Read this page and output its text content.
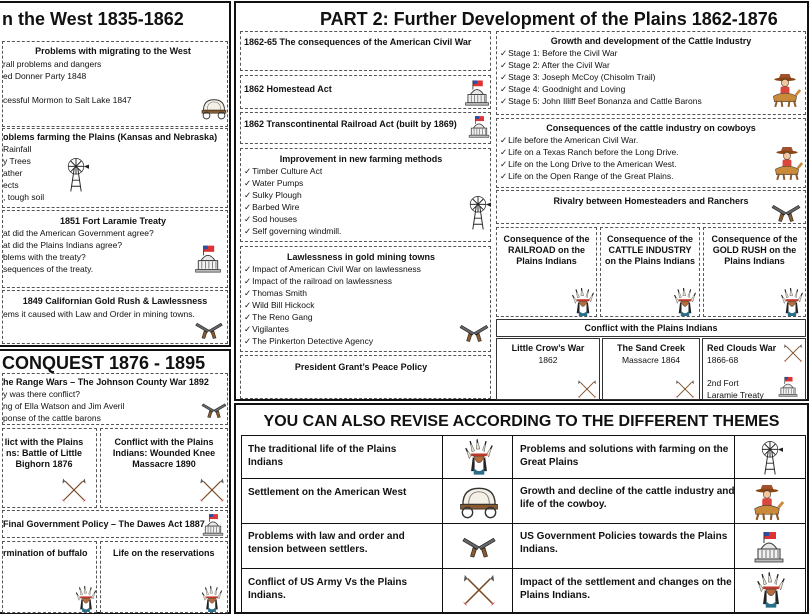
n the West 1835-1862
Problems with migrating to the West
rall problems and dangers
ed Donner Party 1848
cessful Mormon to Salt Lake 1847
oblems farming the Plains (Kansas and Nebraska)
Rainfall
y Trees
ather
ects
, tough soil
1851 Fort Laramie Treaty
at did the American Government agree?
at did the Plains Indians agree?
blems with the treaty?
sequences of the treaty.
1849 Californian Gold Rush & Lawlessness
ems it caused with Law and Order in mining towns.
CONQUEST 1876 - 1895
he Range Wars – The Johnson County War 1892
y was there conflict?
ng of Ella Watson and Jim Averil
ponse of the cattle barons
lict with the Plains ns: Battle of Little Bighorn 1876
Conflict with the Plains Indians: Wounded Knee Massacre 1890
Final Government Policy – The Dawes Act 1887
rmination of buffalo	Life on the reservations
PART 2: Further Development of the Plains 1862-1876
1862-65 The consequences of the American Civil War
1862 Homestead Act
1862 Transcontinental Railroad Act (built by 1869)
Improvement in new farming methods
✓ Timber Culture Act
✓ Water Pumps
✓ Sulky Plough
✓ Barbed Wire
✓ Sod houses
✓ Self governing windmill.
Lawlessness in gold mining towns
✓ Impact of American Civil War on lawlessness
✓ Impact of the railroad on lawlessness
✓ Thomas Smith
✓ Wild Bill Hickock
✓ The Reno Gang
✓ Vigilantes
✓ The Pinkerton Detective Agency
President Grant’s Peace Policy
Growth and development of the Cattle Industry
✓ Stage 1: Before the Civil War
✓ Stage 2: After the Civil War
✓ Stage 3: Joseph McCoy (Chisolm Trail)
✓ Stage 4: Goodnight and Loving
✓ Stage 5: John Illiff Beef Bonanza and Cattle Barons
Consequences of the cattle industry on cowboys
✓ Life before the American Civil War.
✓ Life on a Texas Ranch before the Long Drive.
✓ Life on the Long Drive to the American West.
✓ Life on the Open Range of the Great Plains.
Rivalry between Homesteaders and Ranchers
Consequence of the RAILROAD on the Plains Indians
Consequence of the CATTLE INDUSTRY on the Plains Indians
Consequence of the GOLD RUSH on the Plains Indians
Conflict with the Plains Indians
Little Crow’s War
1862
The Sand Creek
Massacre 1864
Red Clouds War
1866-68
2nd Fort Laramie Treaty
YOU CAN ALSO REVISE ACCORDING TO THE DIFFERENT THEMES
The traditional life of the Plains Indians
Problems and solutions with farming on the Great Plains
Settlement on the American West	Growth and decline of the cattle industry and life of the cowboy.
Problems with law and order and tension between settlers.
US Government Policies towards the Plains Indians.
Conflict of US Army Vs the Plains Indians.
Impact of the settlement and changes on the Plains Indians.
